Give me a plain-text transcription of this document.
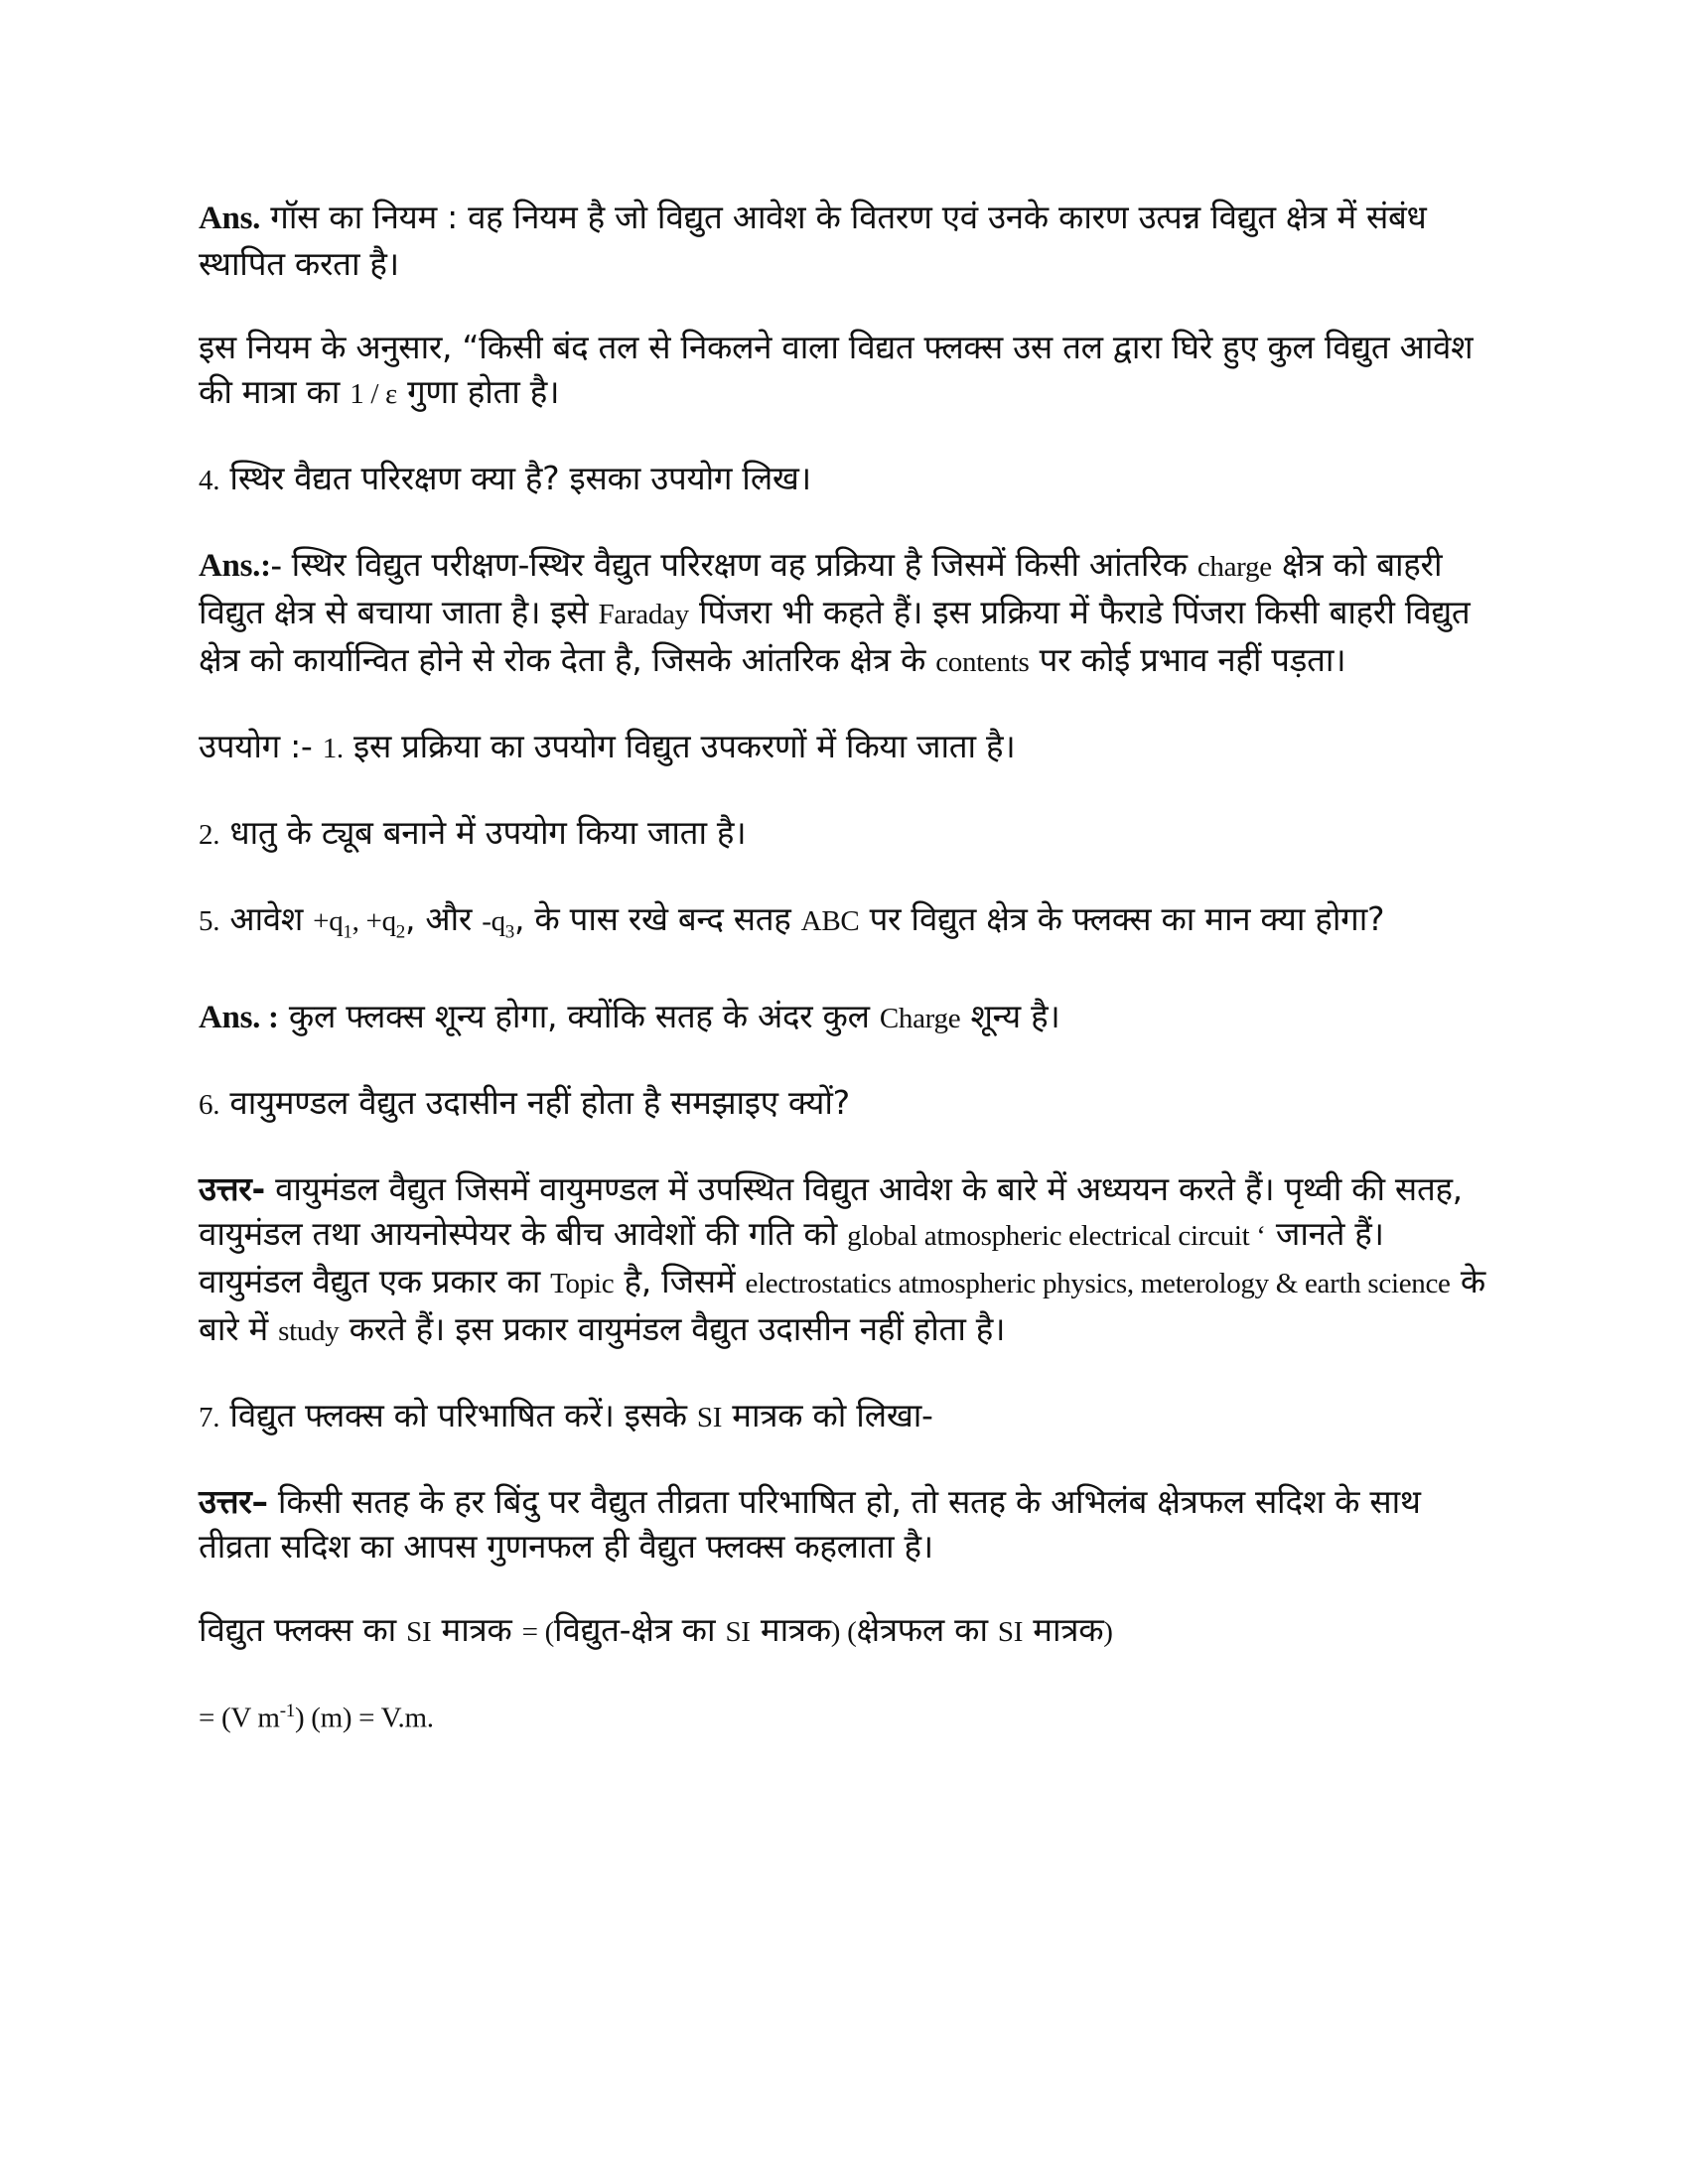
Ans. गॉस का नियम : वह नियम है जो विद्युत आवेश के वितरण एवं उनके कारण उत्पन्न विद्युत क्षेत्र में संबंध स्थापित करता है।

इस नियम के अनुसार, “किसी बंद तल से निकलने वाला विद्यत फ्लक्स उस तल द्वारा घिरे हुए कुल विद्युत आवेश की मात्रा का 1 / ε गुणा होता है।

4. स्थिर वैद्यत परिरक्षण क्या है? इसका उपयोग लिख।

Ans.:- स्थिर विद्युत परीक्षण-स्थिर वैद्युत परिरक्षण वह प्रक्रिया है जिसमें किसी आंतरिक charge क्षेत्र को बाहरी विद्युत क्षेत्र से बचाया जाता है। इसे Faraday पिंजरा भी कहते हैं। इस प्रक्रिया में फैराडे पिंजरा किसी बाहरी विद्युत क्षेत्र को कार्यान्वित होने से रोक देता है, जिसके आंतरिक क्षेत्र के contents पर कोई प्रभाव नहीं पड़ता।

उपयोग :- 1. इस प्रक्रिया का उपयोग विद्युत उपकरणों में किया जाता है।

2. धातु के ट्यूब बनाने में उपयोग किया जाता है।

5. आवेश $+q_1$, $+q_2$, और $-q_3$, के पास रखे बन्द सतह ABC पर विद्युत क्षेत्र के फ्लक्स का मान क्या होगा?

Ans. : कुल फ्लक्स शून्य होगा, क्योंकि सतह के अंदर कुल Charge शून्य है।

6. वायुमण्डल वैद्युत उदासीन नहीं होता है समझाइए क्यों?

उत्तर- वायुमंडल वैद्युत जिसमें वायुमण्डल में उपस्थित विद्युत आवेश के बारे में अध्ययन करते हैं। पृथ्वी की सतह, वायुमंडल तथा आयनोस्पेयर के बीच आवेशों की गति को global atmospheric electrical circuit ‘ जानते हैं। वायुमंडल वैद्युत एक प्रकार का Topic है, जिसमें electrostatics atmospheric physics, meterology & earth science के बारे में study करते हैं। इस प्रकार वायुमंडल वैद्युत उदासीन नहीं होता है।

7. विद्युत फ्लक्स को परिभाषित करें। इसके SI मात्रक को लिखा-

उत्तर– किसी सतह के हर बिंदु पर वैद्युत तीव्रता परिभाषित हो, तो सतह के अभिलंब क्षेत्रफल सदिश के साथ तीव्रता सदिश का आपस गुणनफल ही वैद्युत फ्लक्स कहलाता है।

विद्युत फ्लक्स का SI मात्रक = (विद्युत-क्षेत्र का SI मात्रक) (क्षेत्रफल का SI मात्रक)

= (V $m^{-1}$) (m) = V.m.
